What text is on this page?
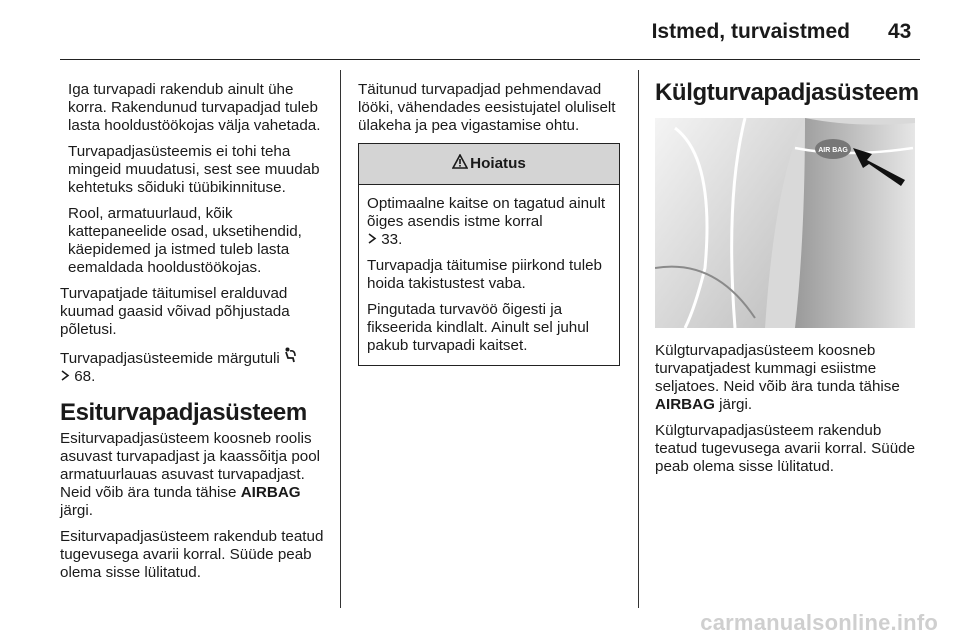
Istmed, turvaistmed 43

Iga turvapadi rakendub ainult ühe korra. Rakendunud turvapadjad tuleb lasta hooldustöökojas välja vahetada.

Turvapadjasüsteemis ei tohi teha mingeid muudatusi, sest see muudab kehtetuks sõiduki tüübikinnituse.

Rool, armatuurlaud, kõik kattepaneelide osad, uksetihendid, käepidemed ja istmed tuleb lasta eemaldada hooldustöökojas.

Turvapatjade täitumisel eralduvad kuumad gaasid võivad põhjustada põletusi.

Turvapadjasüsteemide märgutuli
68.

Esiturvapadjasüsteem

Esiturvapadjasüsteem koosneb roolis asuvast turvapadjast ja kaassõitja pool armatuurlauas asuvast turvapadjast. Neid võib ära tunda tähise AIRBAG järgi.

Esiturvapadjasüsteem rakendub teatud tugevusega avarii korral. Süüde peab olema sisse lülitatud.

Täitunud turvapadjad pehmendavad lööki, vähendades eesistujatel oluliselt ülakeha ja pea vigastamise ohtu.

Hoiatus

Optimaalne kaitse on tagatud ainult õiges asendis istme korral
33.

Turvapadja täitumise piirkond tuleb hoida takistustest vaba.

Pingutada turvavöö õigesti ja fikseerida kindlalt. Ainult sel juhul pakub turvapadi kaitset.

Külgturvapadjasüsteem
AIR BAG

Külgturvapadjasüsteem koosneb turvapatjadest kummagi esiistme seljatoes. Neid võib ära tunda tähise AIRBAG järgi.

Külgturvapadjasüsteem rakendub teatud tugevusega avarii korral. Süüde peab olema sisse lülitatud.

carmanualsonline.info
